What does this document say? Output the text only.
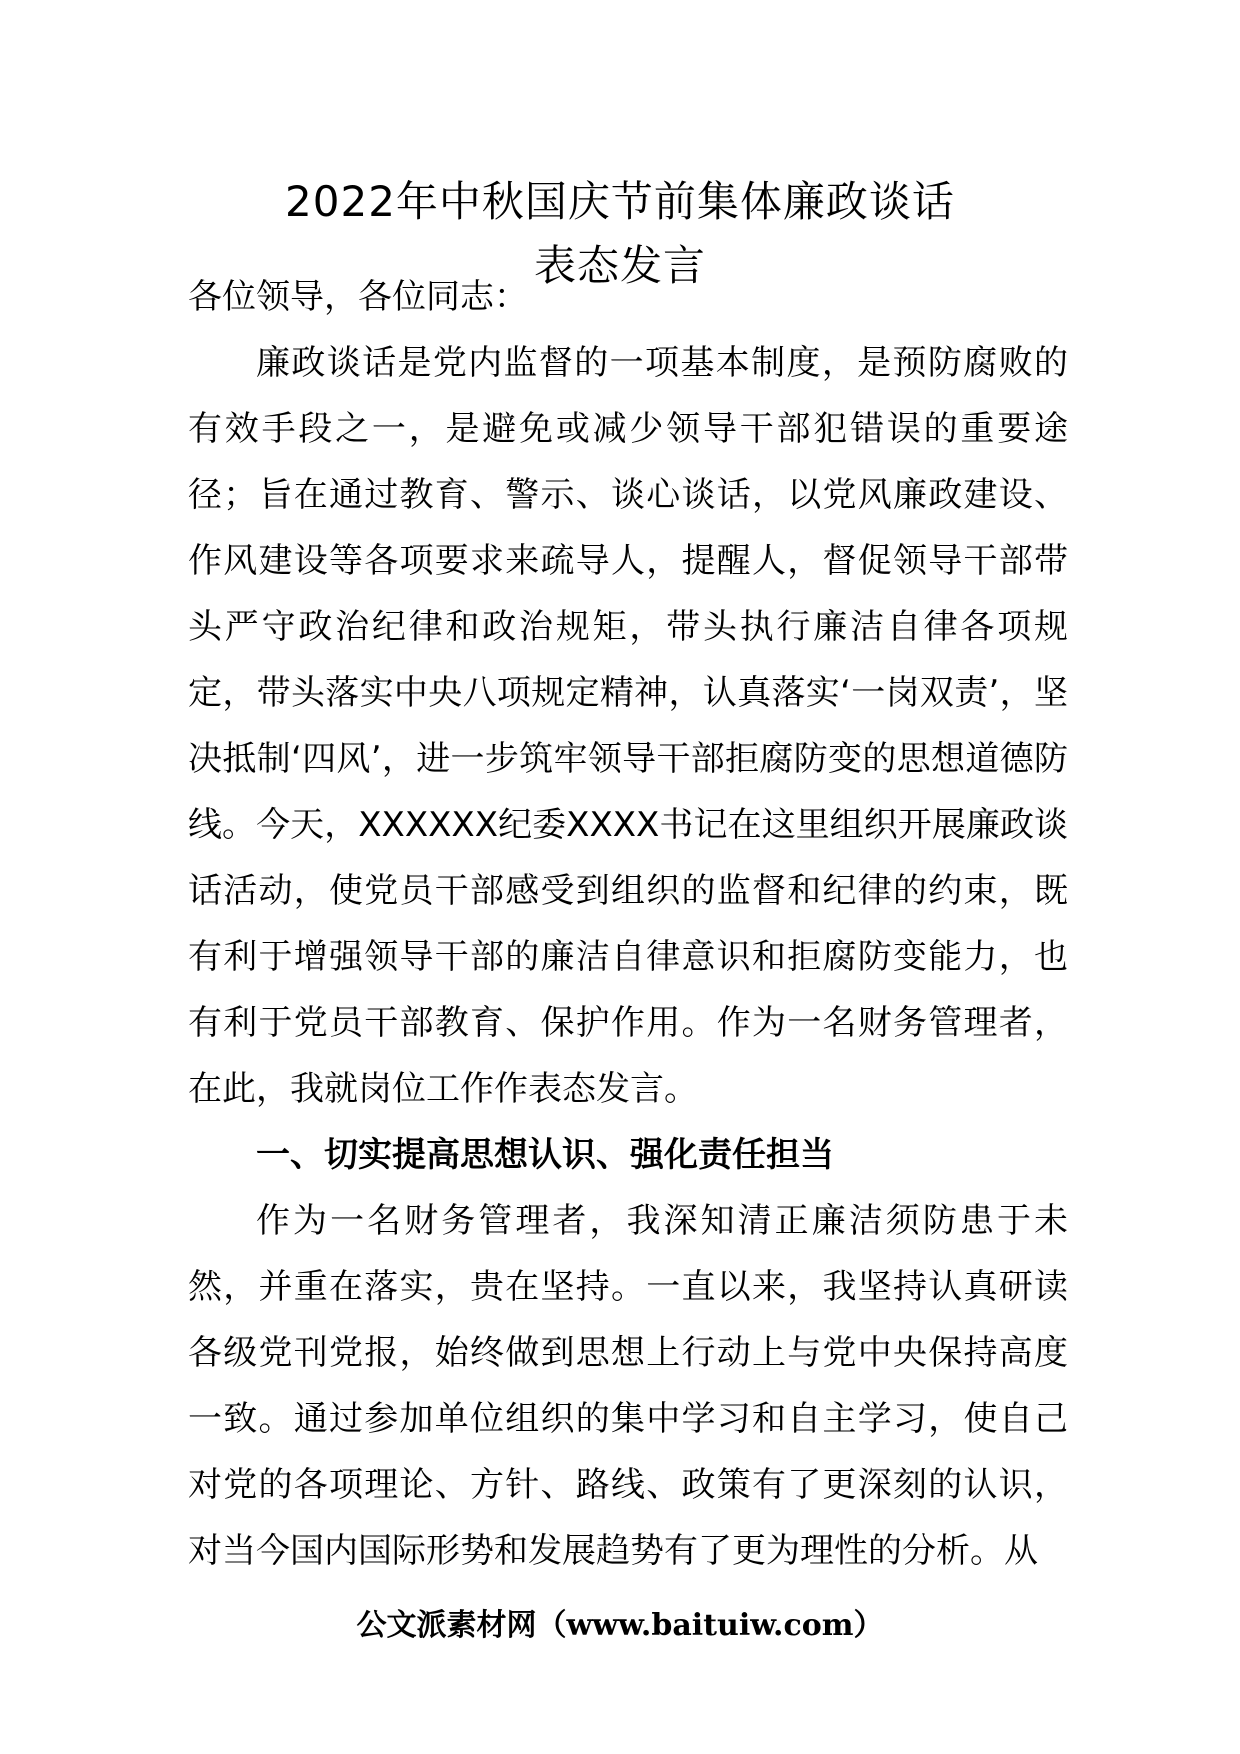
2022年中秋国庆节前集体廉政谈话
表态发言

各位领导，各位同志：

廉政谈话是党内监督的一项基本制度，是预防腐败的有效手段之一，是避免或减少领导干部犯错误的重要途径；旨在通过教育、警示、谈心谈话，以党风廉政建设、作风建设等各项要求来疏导人，提醒人，督促领导干部带头严守政治纪律和政治规矩，带头执行廉洁自律各项规定，带头落实中央八项规定精神，认真落实‘一岗双责’，坚决抵制‘四风’，进一步筑牢领导干部拒腐防变的思想道德防线。今天，XXXXXX纪委XXXX书记在这里组织开展廉政谈话活动，使党员干部感受到组织的监督和纪律的约束，既有利于增强领导干部的廉洁自律意识和拒腐防变能力，也有利于党员干部教育、保护作用。作为一名财务管理者，在此，我就岗位工作作表态发言。

一、切实提高思想认识、强化责任担当

作为一名财务管理者，我深知清正廉洁须防患于未然，并重在落实，贵在坚持。一直以来，我坚持认真研读各级党刊党报，始终做到思想上行动上与党中央保持高度一致。通过参加单位组织的集中学习和自主学习，使自己对党的各项理论、方针、路线、政策有了更深刻的认识，对当今国内国际形势和发展趋势有了更为理性的分析。从

公文派素材网（www.baituiw.com）
